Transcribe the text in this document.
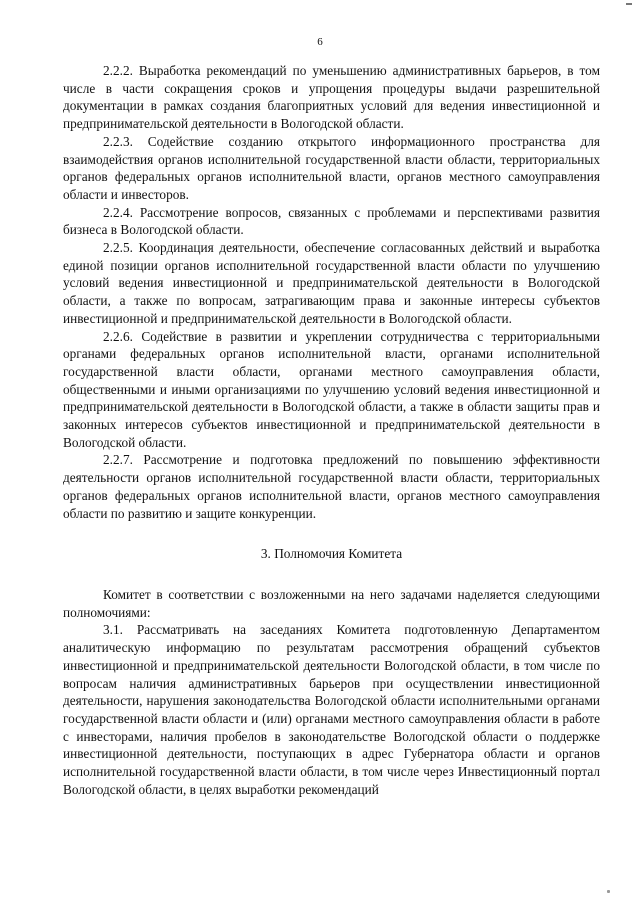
6

2.2.2. Выработка рекомендаций по уменьшению административных барьеров, в том числе в части сокращения сроков и упрощения процедуры выдачи разрешительной документации в рамках создания благоприятных условий для ведения инвестиционной и предпринимательской деятельности в Вологодской области.

2.2.3. Содействие созданию открытого информационного пространства для взаимодействия органов исполнительной государственной власти области, территориальных органов федеральных органов исполнительной власти, органов местного самоуправления области и инвесторов.

2.2.4. Рассмотрение вопросов, связанных с проблемами и перспективами развития бизнеса в Вологодской области.

2.2.5. Координация деятельности, обеспечение согласованных действий и выработка единой позиции органов исполнительной государственной власти области по улучшению условий ведения инвестиционной и предпринимательской деятельности в Вологодской области, а также по вопросам, затрагивающим права и законные интересы субъектов инвестиционной и предпринимательской деятельности в Вологодской области.

2.2.6. Содействие в развитии и укреплении сотрудничества с территориальными органами федеральных органов исполнительной власти, органами исполнительной государственной власти области, органами местного самоуправления области, общественными и иными организациями по улучшению условий ведения инвестиционной и предпринимательской деятельности в Вологодской области, а также в области защиты прав и законных интересов субъектов инвестиционной и предпринимательской деятельности в Вологодской области.

2.2.7. Рассмотрение и подготовка предложений по повышению эффективности деятельности органов исполнительной государственной власти области, территориальных органов федеральных органов исполнительной власти, органов местного самоуправления области по развитию и защите конкуренции.

3. Полномочия Комитета

Комитет в соответствии с возложенными на него задачами наделяется следующими полномочиями:

3.1. Рассматривать на заседаниях Комитета подготовленную Департаментом аналитическую информацию по результатам рассмотрения обращений субъектов инвестиционной и предпринимательской деятельности Вологодской области, в том числе по вопросам наличия административных барьеров при осуществлении инвестиционной деятельности, нарушения законодательства Вологодской области исполнительными органами государственной власти области и (или) органами местного самоуправления области в работе с инвесторами, наличия пробелов в законодательстве Вологодской области о поддержке инвестиционной деятельности, поступающих в адрес Губернатора области и органов исполнительной государственной власти области, в том числе через Инвестиционный портал Вологодской области, в целях выработки рекомендаций
